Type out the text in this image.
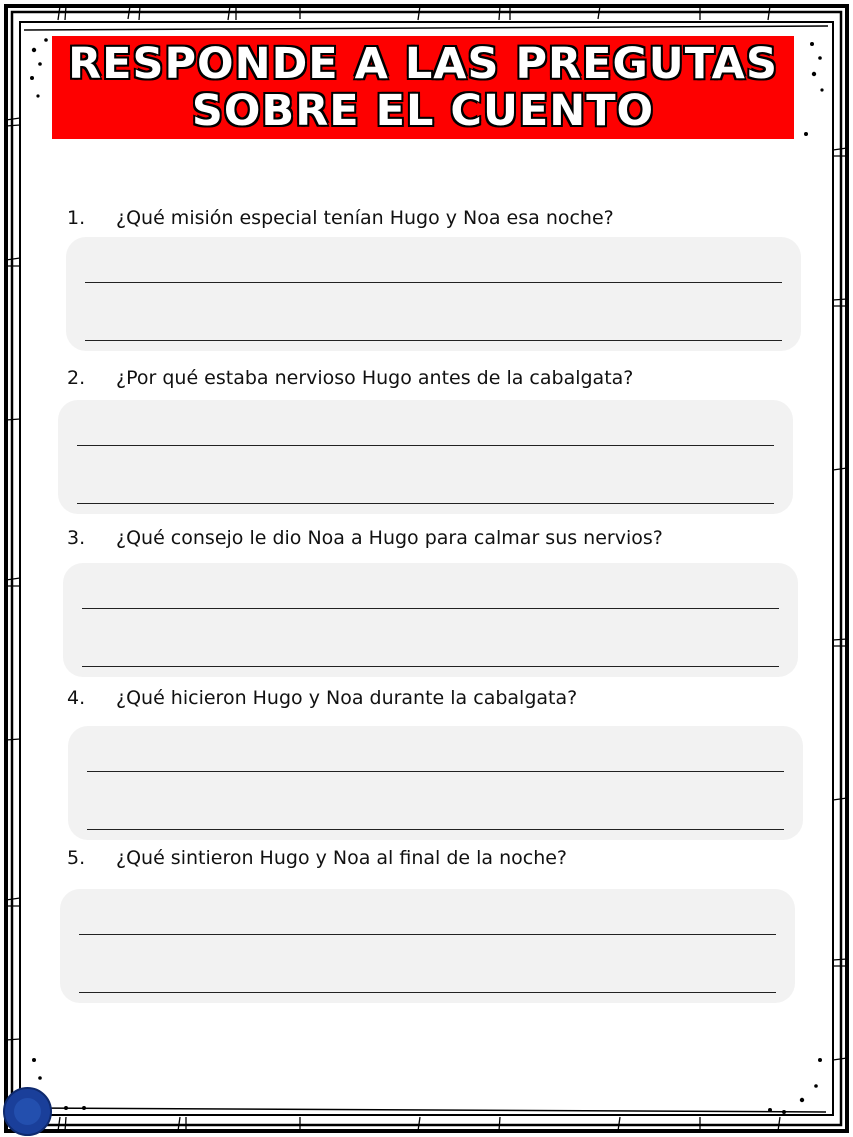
RESPONDE A LAS PREGUTAS
SOBRE EL CUENTO
1.	¿Qué misión especial tenían Hugo y Noa esa noche?
2.	¿Por qué estaba nervioso Hugo antes de la cabalgata?
3.	¿Qué consejo le dio Noa a Hugo para calmar sus nervios?
4.	¿Qué hicieron Hugo y Noa durante la cabalgata?
5.	¿Qué sintieron Hugo y Noa al final de la noche?
